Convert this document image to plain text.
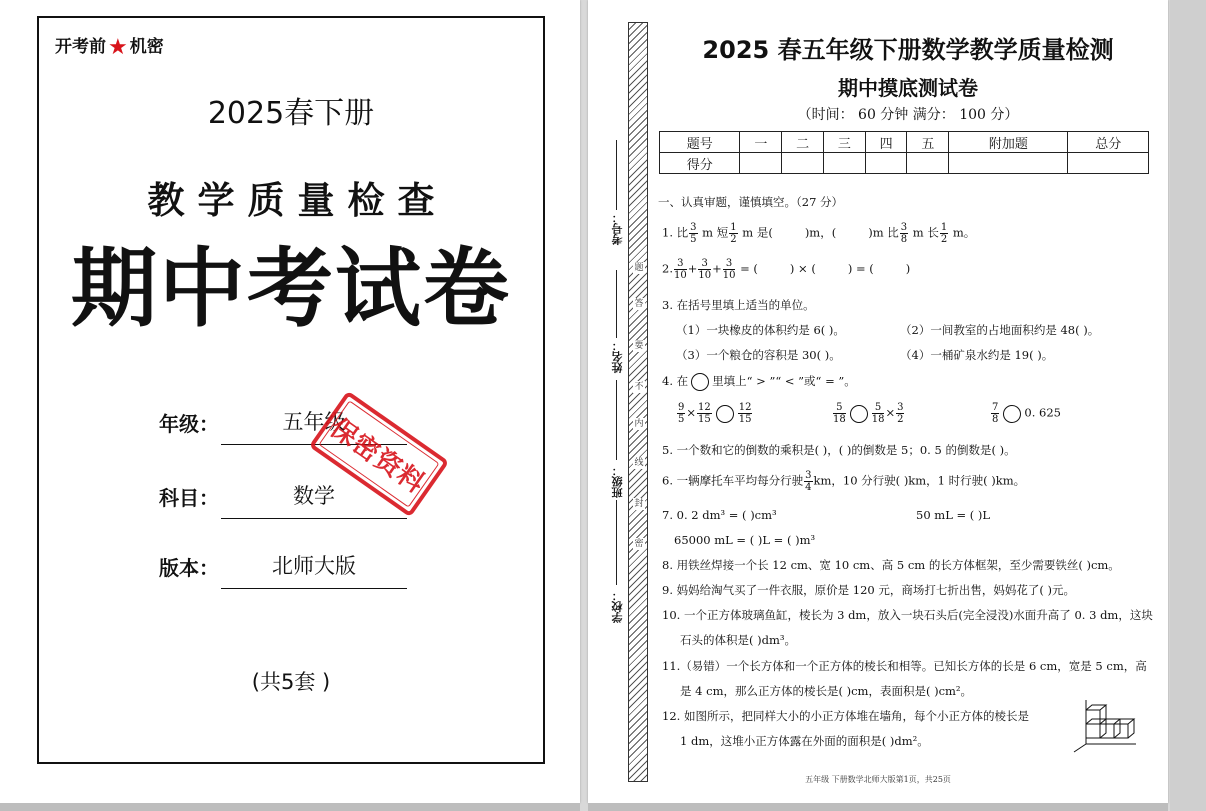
开考前★ 机密
2025春下册
教学质量检查
期中考试卷
年级：	五年级
科目：	数学
版本：	北师大版
(共5套 )
保密资料
题
答
要
不
内
线
封
密
考号：
姓名：
班级：
学校：
2025 春五年级下册数学教学质量检测
期中摸底测试卷
（时间： 60 分钟 满分： 100 分）
题号	一	二	三	四	五	附加题	总分
得分							
一、认真审题，谨慎填空。（27 分）
1. 比 $\frac{3}{5}$ m 短 $\frac{1}{2}$ m 是(	)m，(	)m 比 $\frac{3}{8}$ m 长 $\frac{1}{2}$ m。
2. $\frac{3}{10} + \frac{3}{10} + \frac{3}{10}$ = (	) × (	) = (	)
3. 在括号里填上适当的单位。
（1）一块橡皮的体积约是 6( )。	（2）一间教室的占地面积约是 48( )。
（3）一个粮仓的容积是 30( )。	（4）一桶矿泉水约是 19( )。
4. 在 里填上“ > ”“ < ”或“ = ”。
$\frac{9}{5} \times \frac{12}{15}$	$\frac{12}{15}$	$\frac{5}{18}$	$\frac{5}{18} \times \frac{3}{2}$	$\frac{7}{8} 0$. 625
5. 一个数和它的倒数的乘积是( )，( )的倒数是 5；0. 5 的倒数是( )。
6. 一辆摩托车平均每分行驶 $\frac{3}{4}$ km，10 分行驶( )km，1 时行驶( )km。
7. 0. 2 dm³ = ( )cm³	50 mL = ( )L
65000 mL = ( )L = ( )m³
8. 用铁丝焊接一个长 12 cm、宽 10 cm、高 5 cm 的长方体框架，至少需要铁丝( )cm。
9. 妈妈给淘气买了一件衣服，原价是 120 元，商场打七折出售，妈妈花了( )元。
10. 一个正方体玻璃鱼缸，棱长为 3 dm，放入一块石头后(完全浸没)水面升高了 0. 3 dm，这块
石头的体积是( )dm³。
11.（易错）一个长方体和一个正方体的棱长和相等。已知长方体的长是 6 cm，宽是 5 cm，高
是 4 cm，那么正方体的棱长是( )cm，表面积是( )cm²。
12. 如图所示，把同样大小的小正方体堆在墙角，每个小正方体的棱长是
1 dm，这堆小正方体露在外面的面积是( )dm²。
五年级 下册数学北师大版第1页，共25页
